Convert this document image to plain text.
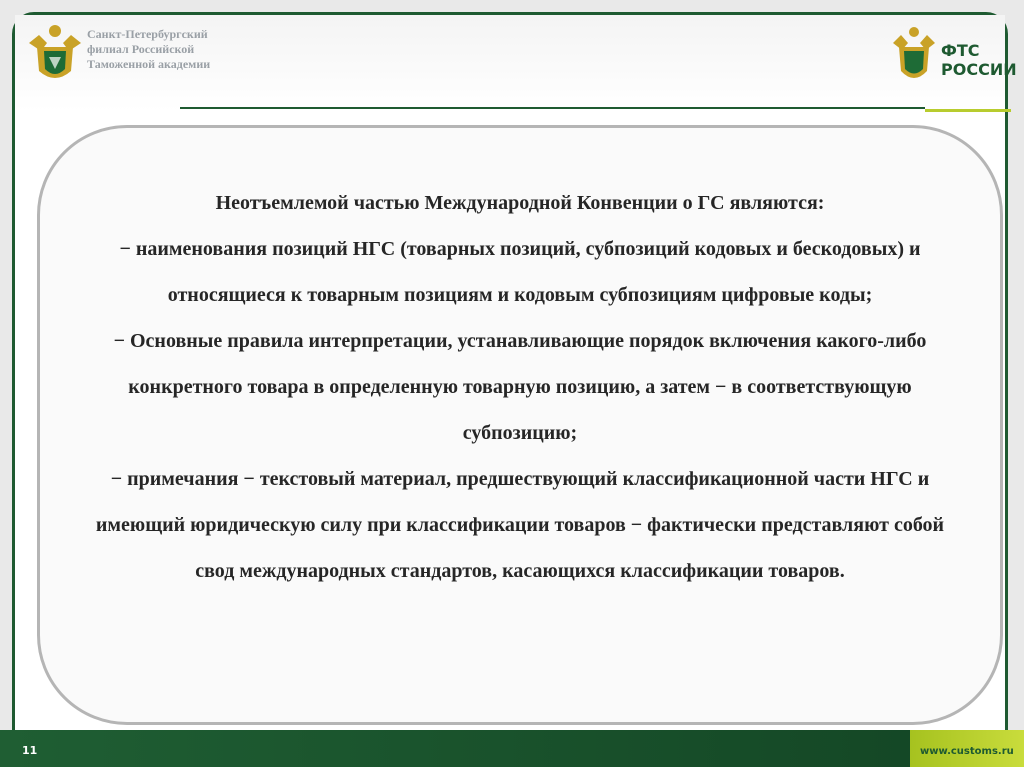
Санкт-Петербургский
филиал Российской
Таможенной академии
ФТС
РОССИИ

Неотъемлемой частью Международной Конвенции о ГС являются:

− наименования позиций НГС (товарных позиций, субпозиций кодовых и бескодовых) и относящиеся к товарным позициям и кодовым субпозициям цифровые коды;

− Основные правила интерпретации, устанавливающие порядок включения какого-либо конкретного товара в определенную товарную позицию, а затем − в соответствующую субпозицию;

− примечания − текстовый материал, предшествующий классификационной части НГС и имеющий юридическую силу при классификации товаров − фактически представляют собой свод международных стандартов, касающихся классификации товаров.

11	www.customs.ru
